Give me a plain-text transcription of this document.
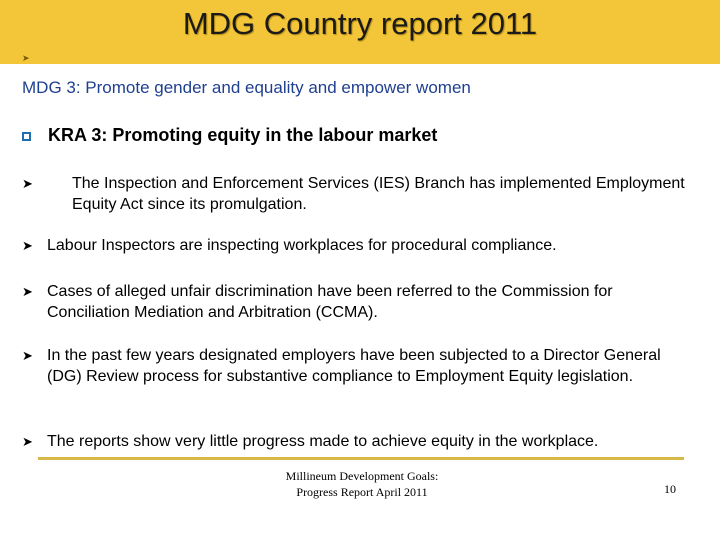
MDG Country report 2011
➤
MDG 3: Promote gender and equality and empower women
KRA 3: Promoting equity in the labour market
➤	The Inspection and Enforcement Services (IES) Branch has implemented Employment Equity Act since its promulgation.
➤ Labour Inspectors are inspecting workplaces for procedural compliance.
➤ Cases of alleged unfair discrimination have been referred to the Commission for Conciliation Mediation and Arbitration (CCMA).
➤ In the past few years designated employers have been subjected to a Director General (DG) Review process for substantive compliance to Employment Equity legislation.
➤ The reports show very little progress made to achieve equity in the workplace.
Millineum Development Goals:
Progress Report April 2011	10
